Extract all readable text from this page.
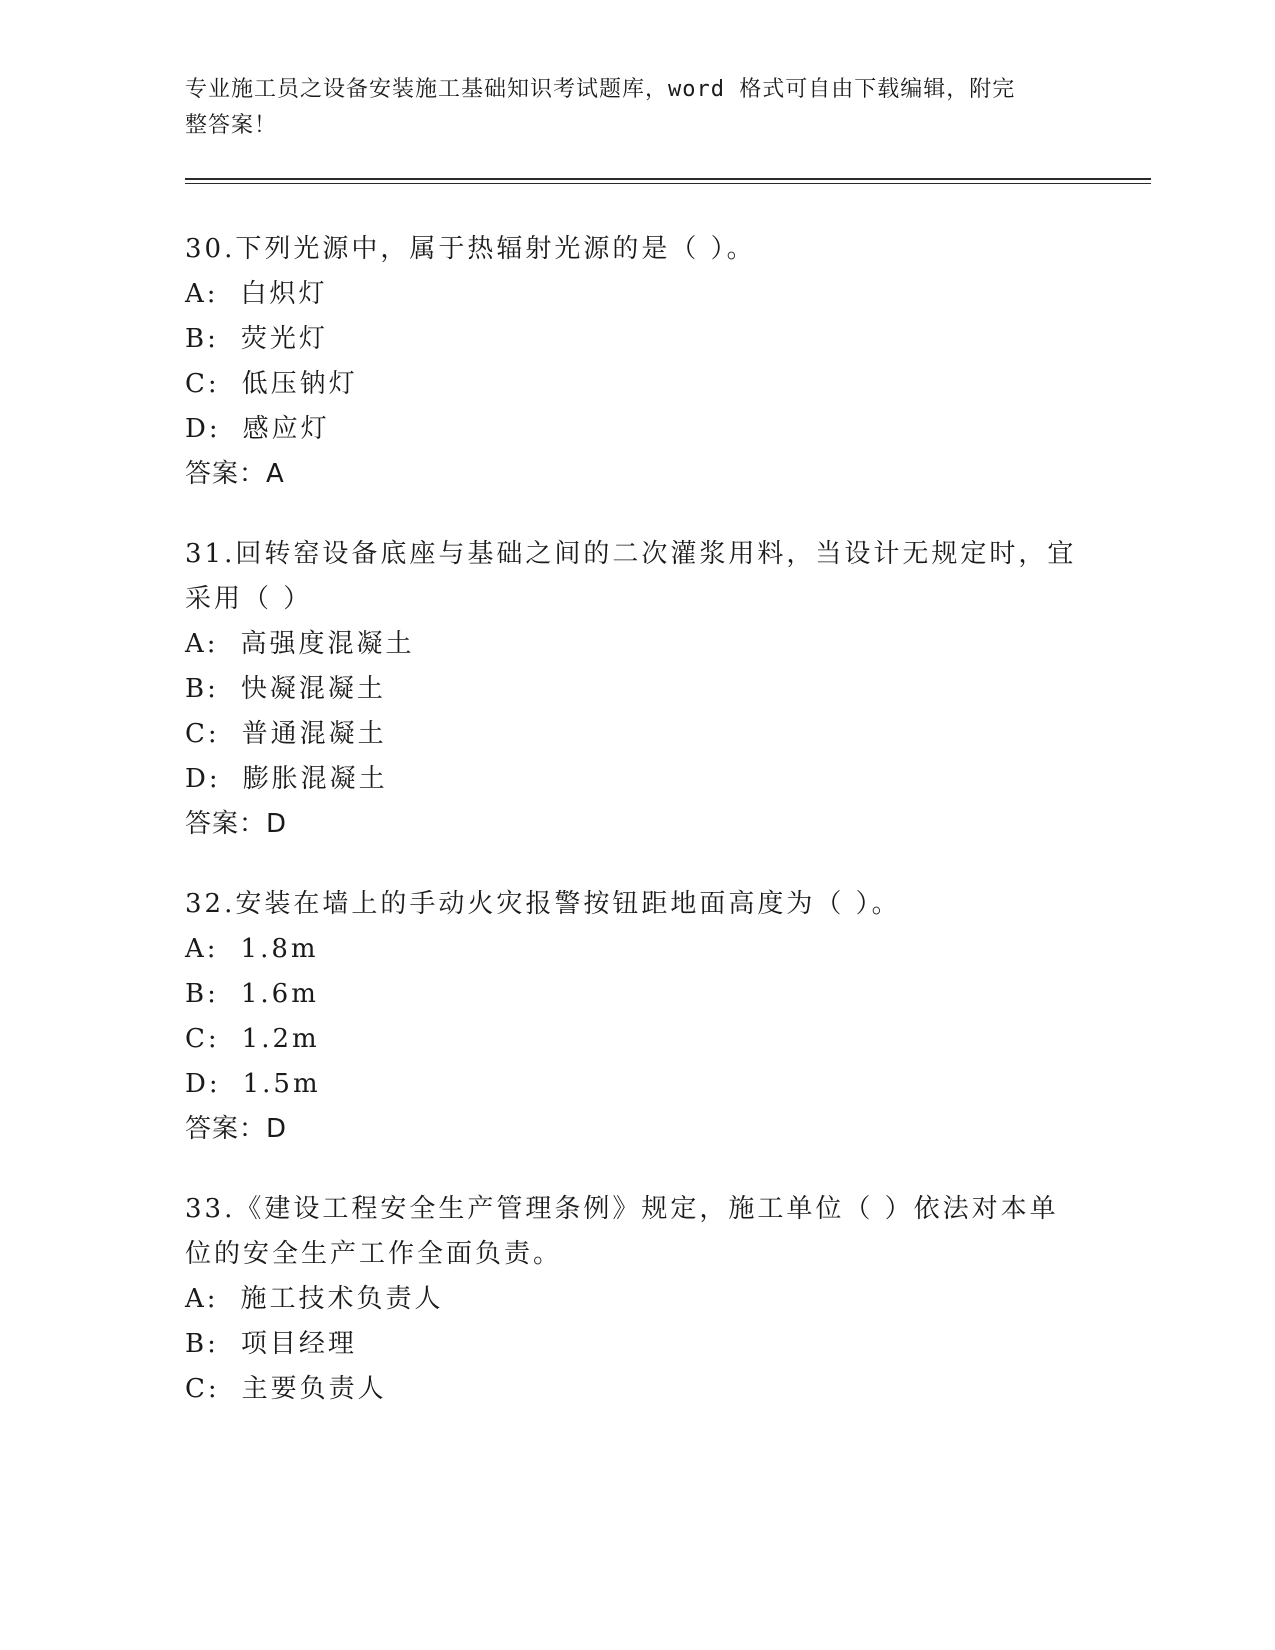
专业施工员之设备安装施工基础知识考试题库，word 格式可自由下载编辑，附完
整答案！

30.下列光源中，属于热辐射光源的是（ ）。

A: 白炽灯

B: 荧光灯

C: 低压钠灯

D: 感应灯

答案：A

31.回转窑设备底座与基础之间的二次灌浆用料，当设计无规定时，宜

采用（ ）

A: 高强度混凝土

B: 快凝混凝土

C: 普通混凝土

D: 膨胀混凝土

答案：D

32.安装在墙上的手动火灾报警按钮距地面高度为（ ）。

A: 1.8m

B: 1.6m

C: 1.2m

D: 1.5m

答案：D

33.《建设工程安全生产管理条例》规定，施工单位（ ）依法对本单

位的安全生产工作全面负责。

A: 施工技术负责人

B: 项目经理

C: 主要负责人
